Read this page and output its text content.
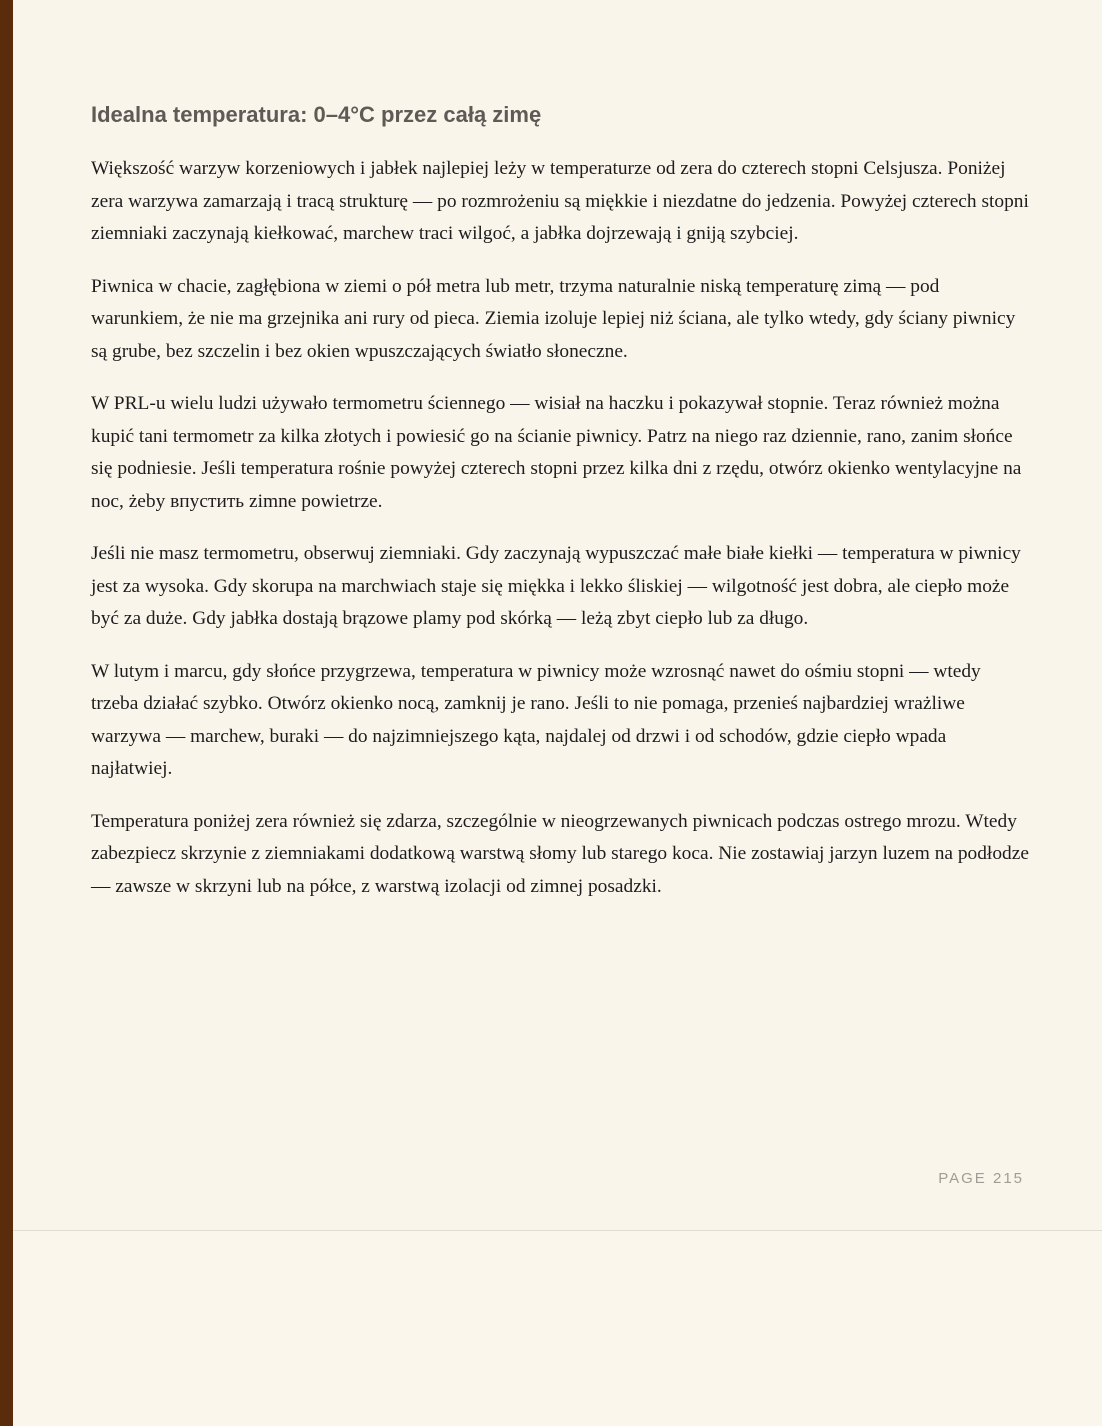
Idealna temperatura: 0–4°C przez całą zimę

Większość warzyw korzeniowych i jabłek najlepiej leży w temperaturze od zera do czterech stopni Celsjusza. Poniżej zera warzywa zamarzają i tracą strukturę — po rozmrożeniu są miękkie i niezdatne do jedzenia. Powyżej czterech stopni ziemniaki zaczynają kiełkować, marchew traci wilgoć, a jabłka dojrzewają i gniją szybciej.

Piwnica w chacie, zagłębiona w ziemi o pół metra lub metr, trzyma naturalnie niską temperaturę zimą — pod warunkiem, że nie ma grzejnika ani rury od pieca. Ziemia izoluje lepiej niż ściana, ale tylko wtedy, gdy ściany piwnicy są grube, bez szczelin i bez okien wpuszczających światło słoneczne.

W PRL-u wielu ludzi używało termometru ściennego — wisiał na haczku i pokazywał stopnie. Teraz również można kupić tani termometr za kilka złotych i powiesić go na ścianie piwnicy. Patrz na niego raz dziennie, rano, zanim słońce się podniesie. Jeśli temperatura rośnie powyżej czterech stopni przez kilka dni z rzędu, otwórz okienko wentylacyjne na noc, żeby впустить zimne powietrze.

Jeśli nie masz termometru, obserwuj ziemniaki. Gdy zaczynają wypuszczać małe białe kiełki — temperatura w piwnicy jest za wysoka. Gdy skorupa na marchwiach staje się miękka i lekko śliskiej — wilgotność jest dobra, ale ciepło może być za duże. Gdy jabłka dostają brązowe plamy pod skórką — leżą zbyt ciepło lub za długo.

W lutym i marcu, gdy słońce przygrzewa, temperatura w piwnicy może wzrosnąć nawet do ośmiu stopni — wtedy trzeba działać szybko. Otwórz okienko nocą, zamknij je rano. Jeśli to nie pomaga, przenieś najbardziej wrażliwe warzywa — marchew, buraki — do najzimniejszego kąta, najdalej od drzwi i od schodów, gdzie ciepło wpada najłatwiej.

Temperatura poniżej zera również się zdarza, szczególnie w nieogrzewanych piwnicach podczas ostrego mrozu. Wtedy zabezpiecz skrzynie z ziemniakami dodatkową warstwą słomy lub starego koca. Nie zostawiaj jarzyn luzem na podłodze — zawsze w skrzyni lub na półce, z warstwą izolacji od zimnej posadzki.

PAGE 215
